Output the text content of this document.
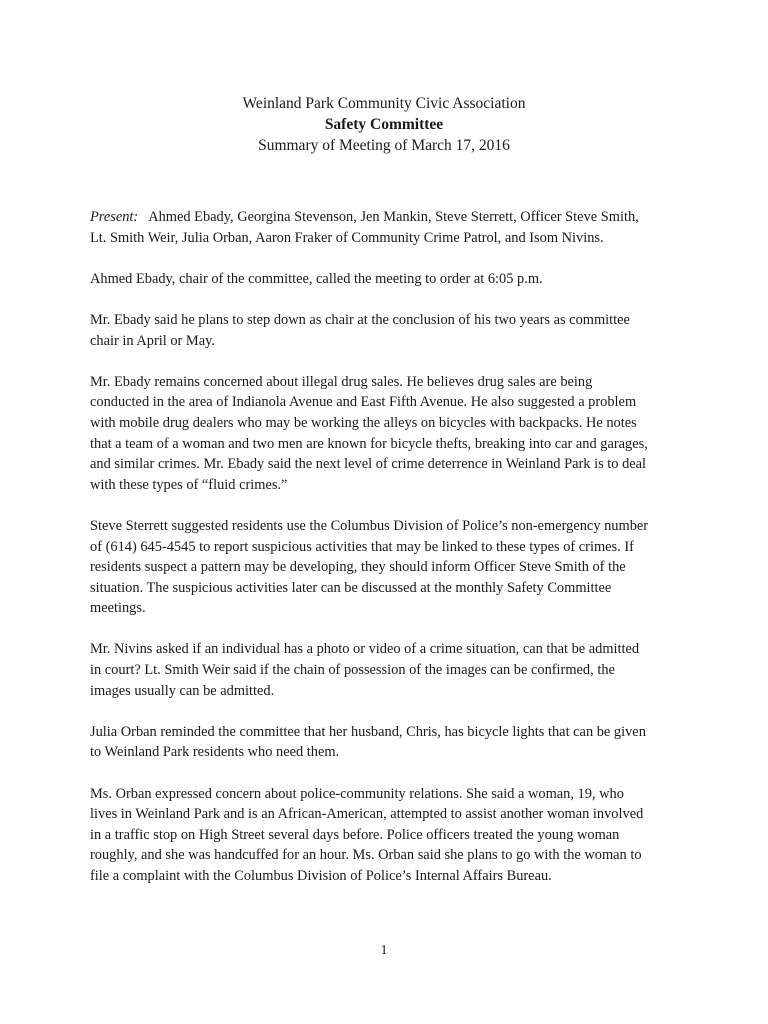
Weinland Park Community Civic Association
Safety Committee
Summary of Meeting of March 17, 2016

Present: Ahmed Ebady, Georgina Stevenson, Jen Mankin, Steve Sterrett, Officer Steve Smith,
Lt. Smith Weir, Julia Orban, Aaron Fraker of Community Crime Patrol, and Isom Nivins.

Ahmed Ebady, chair of the committee, called the meeting to order at 6:05 p.m.

Mr. Ebady said he plans to step down as chair at the conclusion of his two years as committee
chair in April or May.

Mr. Ebady remains concerned about illegal drug sales. He believes drug sales are being
conducted in the area of Indianola Avenue and East Fifth Avenue. He also suggested a problem
with mobile drug dealers who may be working the alleys on bicycles with backpacks. He notes
that a team of a woman and two men are known for bicycle thefts, breaking into car and garages,
and similar crimes. Mr. Ebady said the next level of crime deterrence in Weinland Park is to deal
with these types of “fluid crimes.”

Steve Sterrett suggested residents use the Columbus Division of Police’s non-emergency number
of (614) 645-4545 to report suspicious activities that may be linked to these types of crimes. If
residents suspect a pattern may be developing, they should inform Officer Steve Smith of the
situation. The suspicious activities later can be discussed at the monthly Safety Committee
meetings.

Mr. Nivins asked if an individual has a photo or video of a crime situation, can that be admitted
in court? Lt. Smith Weir said if the chain of possession of the images can be confirmed, the
images usually can be admitted.

Julia Orban reminded the committee that her husband, Chris, has bicycle lights that can be given
to Weinland Park residents who need them.

Ms. Orban expressed concern about police-community relations. She said a woman, 19, who
lives in Weinland Park and is an African-American, attempted to assist another woman involved
in a traffic stop on High Street several days before. Police officers treated the young woman
roughly, and she was handcuffed for an hour. Ms. Orban said she plans to go with the woman to
file a complaint with the Columbus Division of Police’s Internal Affairs Bureau.

1
